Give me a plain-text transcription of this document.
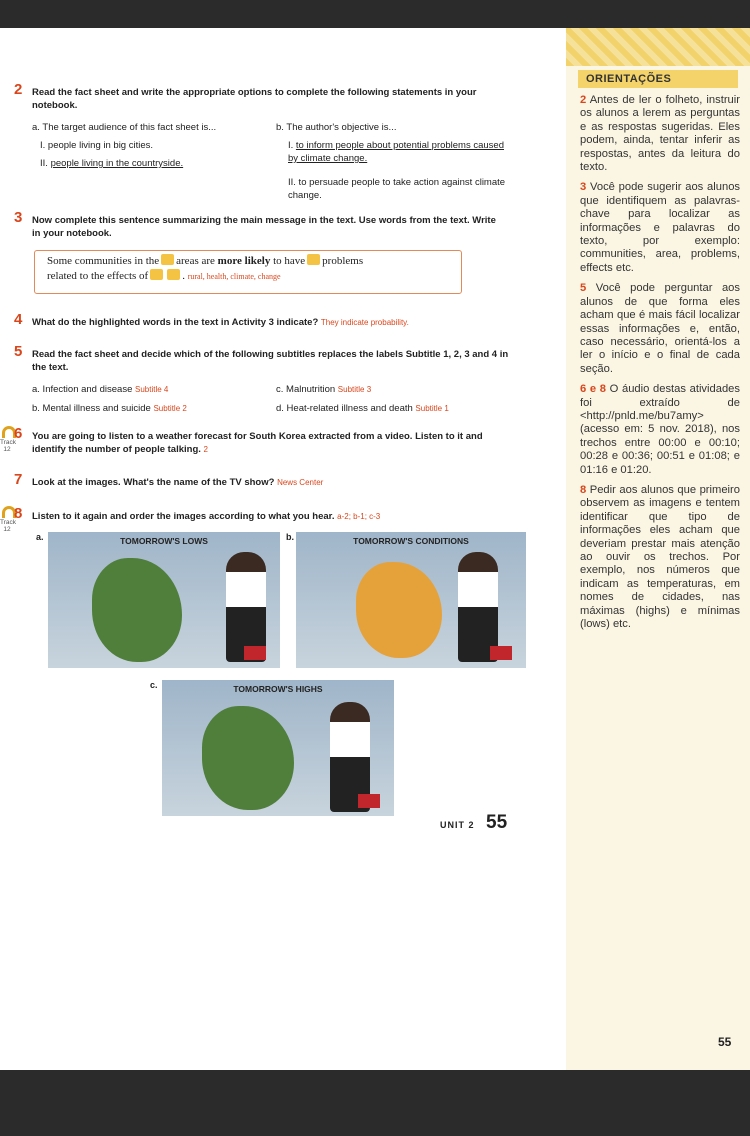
2 Read the fact sheet and write the appropriate options to complete the following statements in your notebook.
a. The target audience of this fact sheet is...
I. people living in big cities.
II. people living in the countryside.
b. The author's objective is...
I. to inform people about potential problems caused by climate change.
II. to persuade people to take action against climate change.
3 Now complete this sentence summarizing the main message in the text. Use words from the text. Write in your notebook.
Some communities in the areas are more likely to have problems
related to the effects of	. rural, health, climate, change
4 What do the highlighted words in the text in Activity 3 indicate? They indicate probability.
5 Read the fact sheet and decide which of the following subtitles replaces the labels Subtitle 1, 2, 3 and 4 in the text.
a. Infection and disease Subtitle 4
b. Mental illness and suicide Subtitle 2
c. Malnutrition Subtitle 3
d. Heat-related illness and death Subtitle 1
Track 12
6 You are going to listen to a weather forecast for South Korea extracted from a video. Listen to it and identify the number of people talking. 2
7 Look at the images. What's the name of the TV show? News Center
Track 12
8 Listen to it again and order the images according to what you hear. a-2; b-1; c-3
a.	TOMORROW'S LOWS	b.	TOMORROW'S CONDITIONS
c.	TOMORROW'S HIGHS
UNIT 2 55
ORIENTAÇÕES

2 Antes de ler o folheto, instruir os alunos a lerem as perguntas e as respostas sugeridas. Eles podem, ainda, tentar inferir as respostas, antes da leitura do texto.

3 Você pode sugerir aos alunos que identifiquem as palavras-chave para localizar as informações e palavras do texto, por exemplo: communities, area, problems, effects etc.

5 Você pode perguntar aos alunos de que forma eles acham que é mais fácil localizar essas informações e, então, caso necessário, orientá-los a ler o início e o final de cada seção.

6 e 8 O áudio destas atividades foi extraído de <http://pnld.me/bu7amy> (acesso em: 5 nov. 2018), nos trechos entre 00:00 e 00:10; 00:28 e 00:36; 00:51 e 01:08; e 01:16 e 01:20.

8 Pedir aos alunos que primeiro observem as imagens e tentem identificar que tipo de informações eles acham que deveriam prestar mais atenção ao ouvir os trechos. Por exemplo, nos números que indicam as temperaturas, em nomes de cidades, nas máximas (highs) e mínimas (lows) etc.

55
